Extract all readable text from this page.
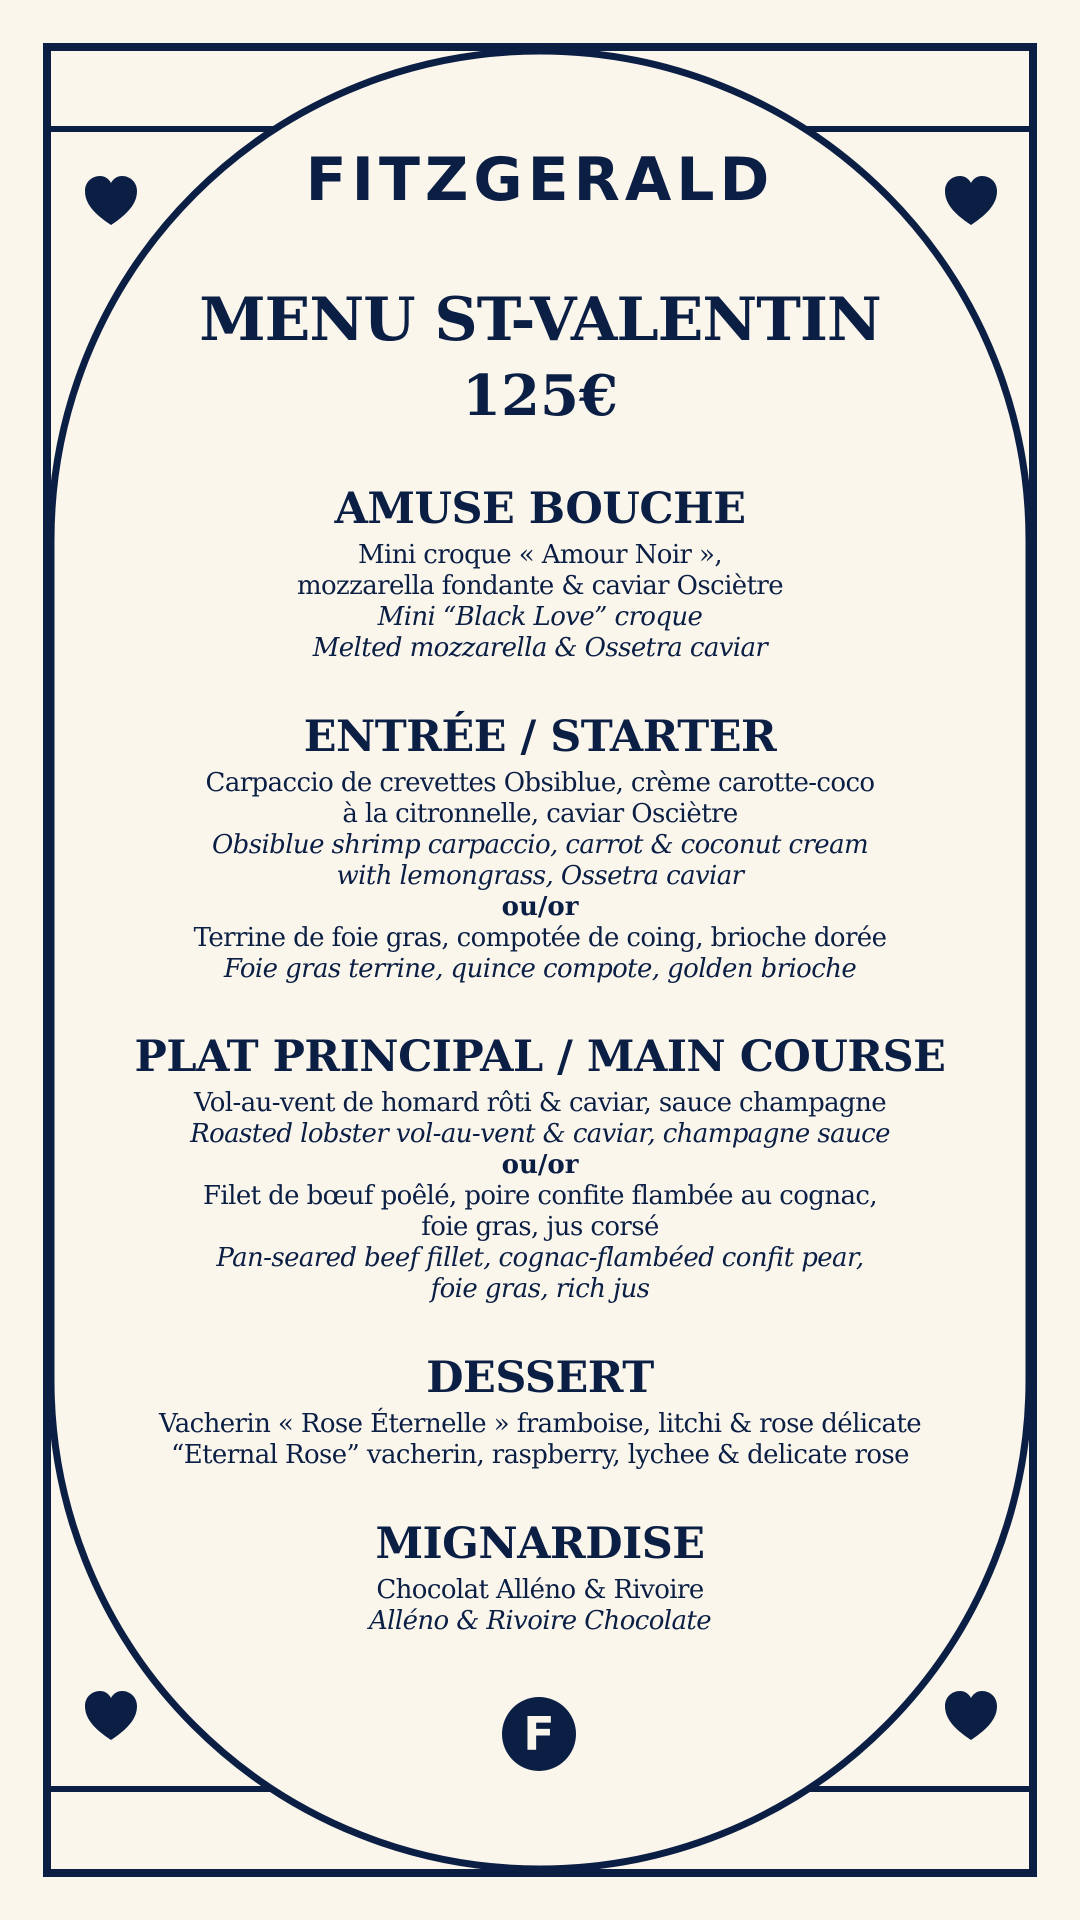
FITZGERALD
MENU ST-VALENTIN
125€
AMUSE BOUCHE
Mini croque « Amour Noir »,
mozzarella fondante & caviar Osciètre
Mini “Black Love” croque
Melted mozzarella & Ossetra caviar
ENTRÉE / STARTER
Carpaccio de crevettes Obsiblue, crème carotte-coco
à la citronnelle, caviar Osciètre
Obsiblue shrimp carpaccio, carrot & coconut cream
with lemongrass, Ossetra caviar
ou/or
Terrine de foie gras, compotée de coing, brioche dorée
Foie gras terrine, quince compote, golden brioche
PLAT PRINCIPAL / MAIN COURSE
Vol-au-vent de homard rôti & caviar, sauce champagne
Roasted lobster vol-au-vent & caviar, champagne sauce
ou/or
Filet de bœuf poêlé, poire confite flambée au cognac,
foie gras, jus corsé
Pan-seared beef fillet, cognac-flambéed confit pear,
foie gras, rich jus
DESSERT
Vacherin « Rose Éternelle » framboise, litchi & rose délicate
“Eternal Rose” vacherin, raspberry, lychee & delicate rose
MIGNARDISE
Chocolat Alléno & Rivoire
Alléno & Rivoire Chocolate
F
